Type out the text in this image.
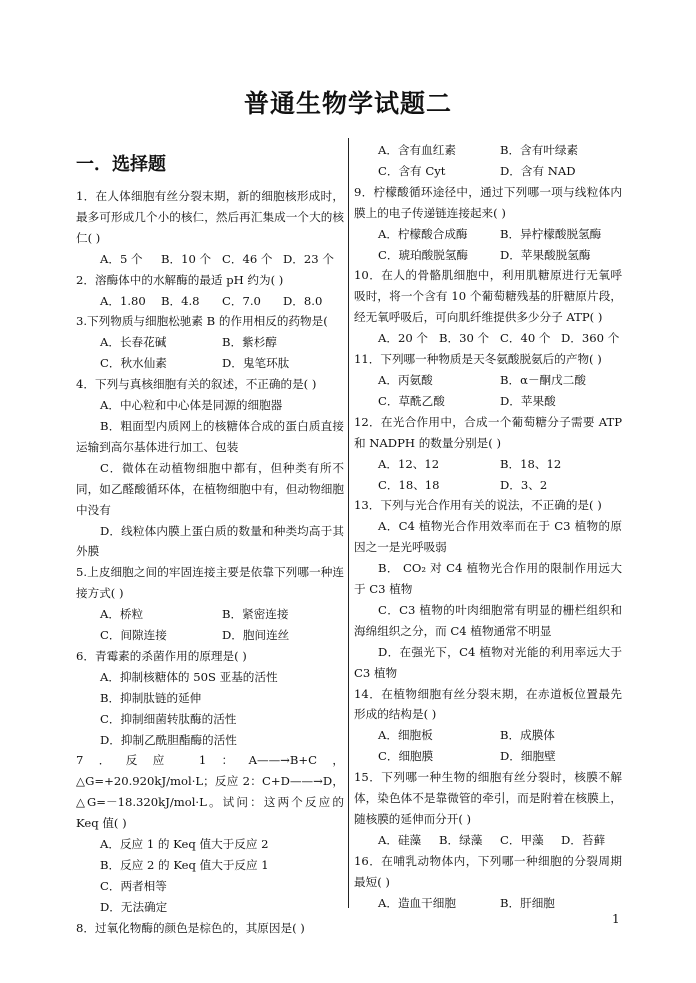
普通生物学试题二
一．选择题
1．在人体细胞有丝分裂末期，新的细胞核形成时，最多可形成几个小的核仁，然后再汇集成一个大的核仁( )
A．5 个	B．10 个 C．46 个 D．23 个
2．溶酶体中的水解酶的最适 pH 约为( )
A．1.80	B．4.8	C．7.0	D．8.0
3.下列物质与细胞松驰素 B 的作用相反的药物是(
A．长春花碱	B．紫杉醇
C．秋水仙素	D．鬼笔环肽
4．下列与真核细胞有关的叙述，不正确的是( )
A．中心粒和中心体是同源的细胞器
B．粗面型内质网上的核糖体合成的蛋白质直接运输到高尔基体进行加工、包装
C．微体在动植物细胞中都有，但种类有所不同，如乙醛酸循环体，在植物细胞中有，但动物细胞中没有
D．线粒体内膜上蛋白质的数量和种类均高于其外膜
5.上皮细胞之间的牢固连接主要是依靠下列哪一种连接方式( )
A．桥粒	B．紧密连接
C．间隙连接	D．胞间连丝
6．青霉素的杀菌作用的原理是( )
A．抑制核糖体的 50S 亚基的活性
B．抑制肽链的延伸
C．抑制细菌转肽酶的活性
D．抑制乙酰胆酯酶的活性
7．反应 1：A——→B+C，△G=+20.920kJ/mol·L；反应 2：C+D——→D，△G=－18.320kJ/mol·L。试问：这两个反应的 Keq 值( )
A．反应 1 的 Keq 值大于反应 2
B．反应 2 的 Keq 值大于反应 1
C．两者相等
D．无法确定
8．过氧化物酶的颜色是棕色的，其原因是( )
A．含有血红素	B．含有叶绿素
C．含有 Cyt	D．含有 NAD
9．柠檬酸循环途径中，通过下列哪一项与线粒体内膜上的电子传递链连接起来( )
A．柠檬酸合成酶	B．异柠檬酸脱氢酶
C．琥珀酸脱氢酶	D．苹果酸脱氢酶
10．在人的骨骼肌细胞中，利用肌糖原进行无氧呼吸时，将一个含有 10 个葡萄糖残基的肝糖原片段，经无氧呼吸后，可向肌纤维提供多少分子 ATP( )
A．20 个 B．30 个 C．40 个 D．360 个
11．下列哪一种物质是天冬氨酸脱氨后的产物( )
A．丙氨酸	B．α－酮戊二酸
C．草酰乙酸	D．苹果酸
12．在光合作用中，合成一个葡萄糖分子需要 ATP 和 NADPH 的数量分别是( )
A．12、12	B．18、12
C．18、18	D．3、2
13．下列与光合作用有关的说法，不正确的是( )
A．C4 植物光合作用效率而在于 C3 植物的原因之一是光呼吸弱
B． CO₂ 对 C4 植物光合作用的限制作用远大于 C3 植物
C．C3 植物的叶肉细胞常有明显的栅栏组织和海绵组织之分，而 C4 植物通常不明显
D．在强光下，C4 植物对光能的利用率远大于 C3 植物
14．在植物细胞有丝分裂末期，在赤道板位置最先形成的结构是( )
A．细胞板	B．成膜体
C．细胞膜	D．细胞壁
15．下列哪一种生物的细胞有丝分裂时，核膜不解体，染色体不是靠微管的牵引，而是附着在核膜上，随核膜的延伸而分开( )
A．硅藻	B．绿藻	C．甲藻	D．苔藓
16．在哺乳动物体内，下列哪一种细胞的分裂周期最短( )
A．造血干细胞	B．肝细胞
1
